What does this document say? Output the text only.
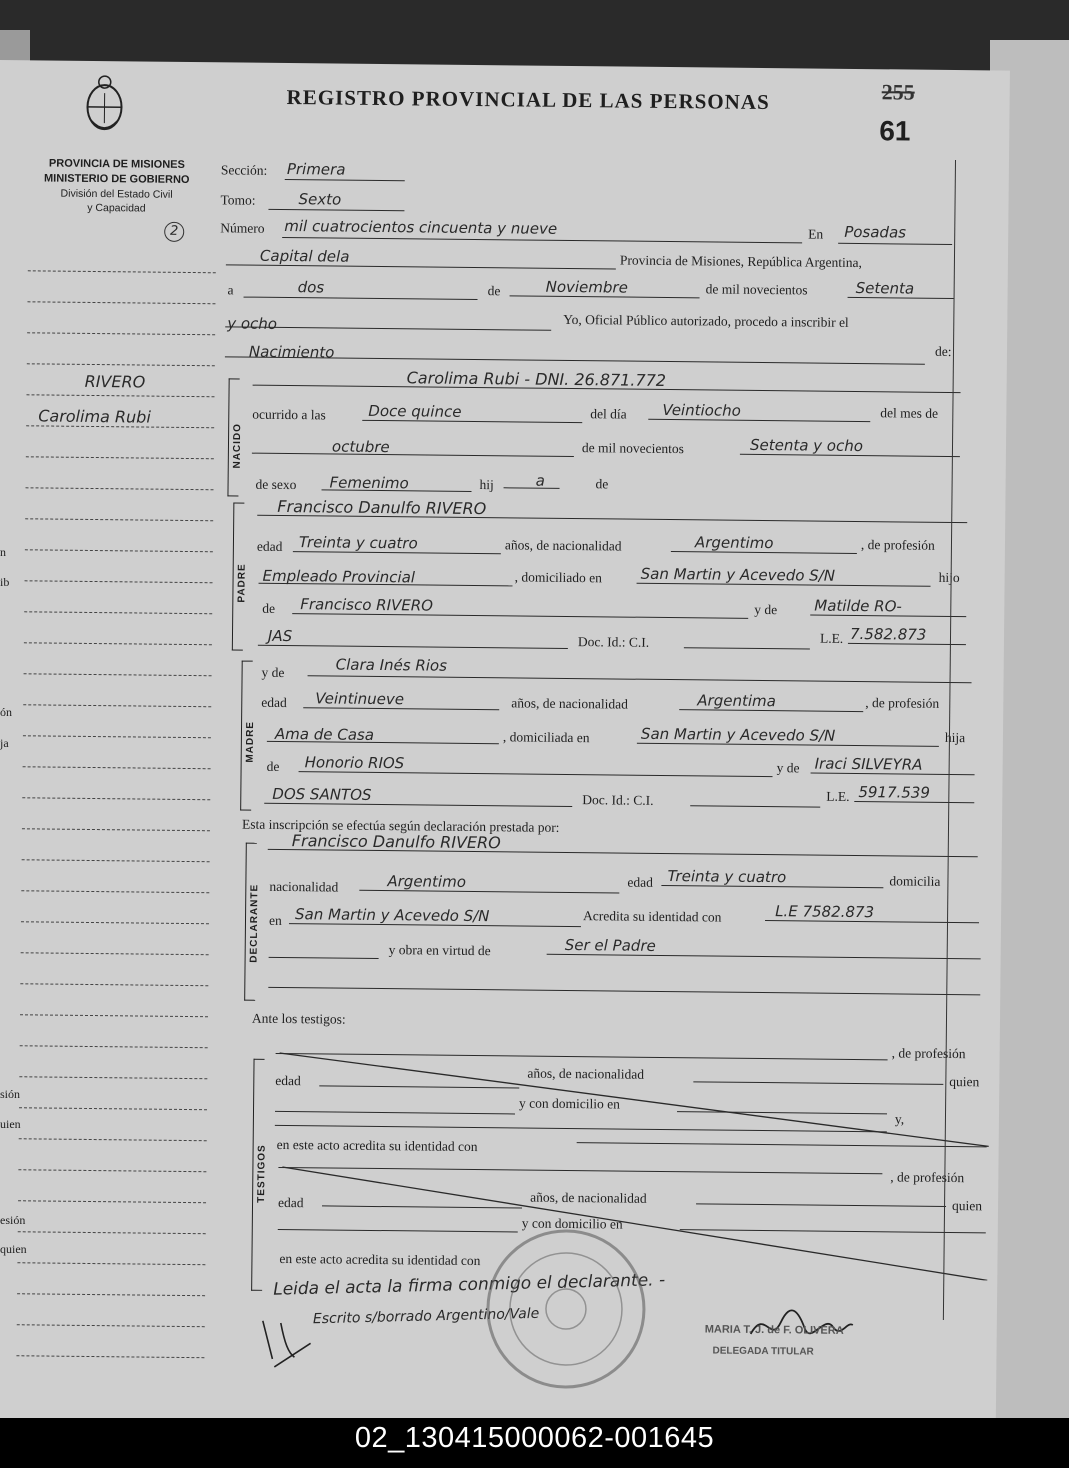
REGISTRO PROVINCIAL DE LAS PERSONAS	255
61
PROVINCIA DE MISIONES
MINISTERIO DE GOBIERNO
División del Estado Civil
y Capacidad
2
RIVERO
Carolima Rubi
Sección: Primera
Tomo:	Sexto
Número mil cuatrocientos cincuenta y nueve	En Posadas
Capital dela	Provincia de Misiones, República Argentina,
a	dos	de	Noviembre	de mil novecientos	Setenta
y ocho	Yo, Oficial Público autorizado, procedo a inscribir el
Nacimiento	de:
NACIDO
Carolima Rubi - DNI. 26.871.772
ocurrido a las	Doce quince	del día Veintiocho	del mes de
octubre	de mil novecientos	Setenta y ocho
de sexo Femenimo	hij	a	de
PADRE
Francisco Danulfo RIVERO
edad Treinta y cuatro	años, de nacionalidad	Argentimo	, de profesión
Empleado Provincial	, domiciliado en	San Martin y Acevedo S/N	hijo
de Francisco RIVERO	y de Matilde RO-
JAS	Doc. Id.: C.I.	L.E. 7.582.873
MADRE
y de	Clara Inés Rios
edad Veintinueve	años, de nacionalidad	Argentima	, de profesión
Ama de Casa	, domiciliada en	San Martin y Acevedo S/N	hija
de Honorio RIOS	y de Iraci SILVEYRA
DOS SANTOS	Doc. Id.: C.I.	L.E. 5917.539
Esta inscripción se efectúa según declaración prestada por:
DECLARANTE
Francisco Danulfo RIVERO
nacionalidad	Argentimo	edad Treinta y cuatro	domicilia
en San Martin y Acevedo S/N	Acredita su identidad con	L.E 7582.873
y obra en virtud de	Ser el Padre
Ante los testigos:
TESTIGOS
, de profesión
edad	años, de nacionalidad	quien
y con domicilio en
y,
en este acto acredita su identidad con
, de profesión
edad	años, de nacionalidad	quien
y con domicilio en
en este acto acredita su identidad con
Leida el acta la firma conmigo el declarante. -
Escrito s/borrado Argentino/Vale
MARIA T. J. de F. OLIVERA
DELEGADA TITULAR
n
ib
ón
ja
sión
uien
esión
quien
02_130415000062-001645
